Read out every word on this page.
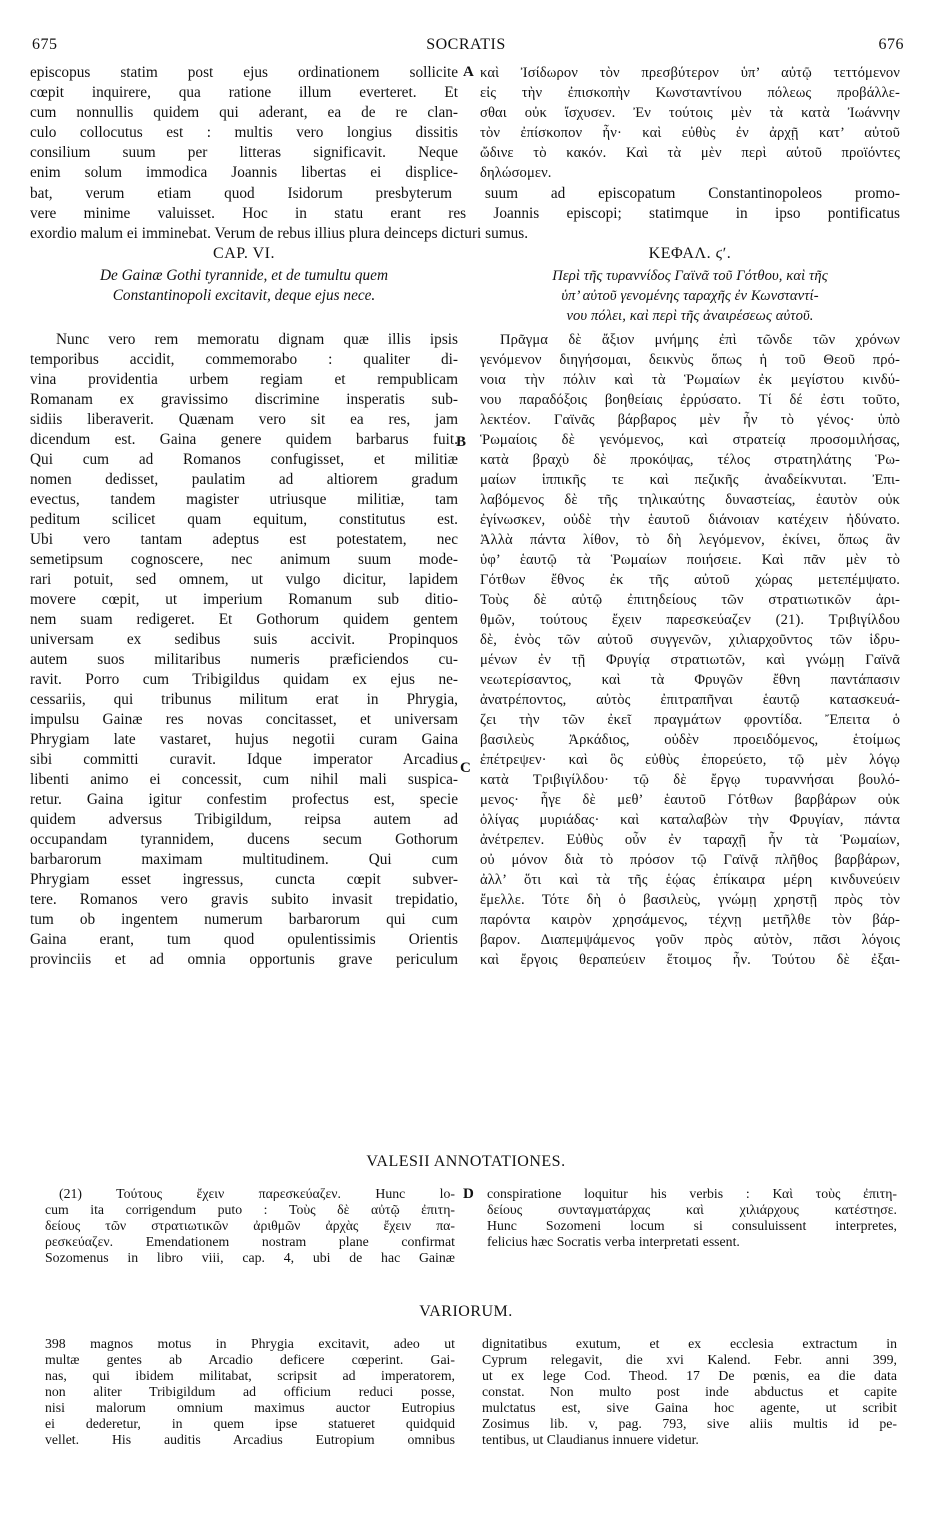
675	SOCRATIS	676
episcopus statim post ejus ordinationem sollicite
cœpit inquirere, qua ratione illum everteret. Et
cum nonnullis quidem qui aderant, ea de re clan-
culo collocutus est : multis vero longius dissitis
consilium suum per litteras significavit. Neque
enim solum immodica Joannis libertas ei displice-
A καὶ Ἰσίδωρον τὸν πρεσβύτερον ὑπ’ αὐτῷ τεττόμενον
εἰς τὴν ἐπισκοπὴν Κωνσταντίνου πόλεως προβάλλε-
σθαι οὐκ ἴσχυσεν. Ἐν τούτοις μὲν τὰ κατὰ Ἰωάννην
τὸν ἐπίσκοπον ἦν· καὶ εὐθὺς ἐν ἀρχῇ κατ’ αὐτοῦ
ὤδινε τὸ κακόν. Καὶ τὰ μὲν περὶ αὐτοῦ προϊόντες
δηλώσομεν.
bat, verum etiam quod Isidorum presbyterum suum ad episcopatum Constantinopoleos promo-
vere minime valuisset. Hoc in statu erant res Joannis episcopi; statimque in ipso pontificatus
exordio malum ei imminebat. Verum de rebus illius plura deinceps dicturi sumus.
CAP. VI.	ΚΕΦΑΛ. ϛʹ.
De Gainæ Gothi tyrannide, et de tumultu quem
Constantinopoli excitavit, deque ejus nece.
Περὶ τῆς τυραννίδος Γαϊνᾶ τοῦ Γότθου, καὶ τῆς
ὑπ’ αὐτοῦ γενομένης ταραχῆς ἐν Κωνσταντί-
νου πόλει, καὶ περὶ τῆς ἀναιρέσεως αὐτοῦ.
Nunc vero rem memoratu dignam quæ illis ipsis
temporibus accidit, commemorabo : qualiter di-
vina providentia urbem regiam et rempublicam
Romanam ex gravissimo discrimine insperatis sub-
sidiis liberaverit. Quænam vero sit ea res, jam
dicendum est. Gaina genere quidem barbarus fuit.
Qui cum ad Romanos confugisset, et militiæ
nomen dedisset, paulatim ad altiorem gradum
evectus, tandem magister utriusque militiæ, tam
peditum scilicet quam equitum, constitutus est.
Ubi vero tantam adeptus est potestatem, nec
semetipsum cognoscere, nec animum suum mode-
rari potuit, sed omnem, ut vulgo dicitur, lapidem
movere cœpit, ut imperium Romanum sub ditio-
nem suam redigeret. Et Gothorum quidem gentem
universam ex sedibus suis accivit. Propinquos
autem suos militaribus numeris præficiendos cu-
ravit. Porro cum Tribigildus quidam ex ejus ne-
cessariis, qui tribunus militum erat in Phrygia,
impulsu Gainæ res novas concitasset, et universam
Phrygiam late vastaret, hujus negotii curam Gaina
sibi committi curavit. Idque imperator Arcadius
libenti animo ei concessit, cum nihil mali suspica-
retur. Gaina igitur confestim profectus est, specie
quidem adversus Tribigildum, reipsa autem ad
occupandam tyrannidem, ducens secum Gothorum
barbarorum maximam multitudinem. Qui cum
Phrygiam esset ingressus, cuncta cœpit subver-
tere. Romanos vero gravis subito invasit trepidatio,
tum ob ingentem numerum barbarorum qui cum
Gaina erant, tum quod opulentissimis Orientis
provinciis et ad omnia opportunis grave periculum
B
C
Πρᾶγμα δὲ ἄξιον μνήμης ἐπὶ τῶνδε τῶν χρόνων
γενόμενον διηγήσομαι, δεικνὺς ὅπως ἡ τοῦ Θεοῦ πρό-
νοια τὴν πόλιν καὶ τὰ Ῥωμαίων ἐκ μεγίστου κινδύ-
νου παραδόξοις βοηθείαις ἐρρύσατο. Τί δέ ἐστι τοῦτο,
λεκτέον. Γαϊνᾶς βάρβαρος μὲν ἦν τὸ γένος· ὑπὸ
Ῥωμαίοις δὲ γενόμενος, καὶ στρατείᾳ προσομιλήσας,
κατὰ βραχὺ δὲ προκόψας, τέλος στρατηλάτης Ῥω-
μαίων ἱππικῆς τε καὶ πεζικῆς ἀναδείκνυται. Ἐπι-
λαβόμενος δὲ τῆς τηλικαύτης δυναστείας, ἑαυτὸν οὐκ
ἐγίνωσκεν, οὐδὲ τὴν ἑαυτοῦ διάνοιαν κατέχειν ἠδύνατο.
Ἀλλὰ πάντα λίθον, τὸ δὴ λεγόμενον, ἐκίνει, ὅπως ἂν
ὑφ’ ἑαυτῷ τὰ Ῥωμαίων ποιήσειε. Καὶ πᾶν μὲν τὸ
Γότθων ἔθνος ἐκ τῆς αὐτοῦ χώρας μετεπέμψατο.
Τοὺς δὲ αὐτῷ ἐπιτηδείους τῶν στρατιωτικῶν ἀρι-
θμῶν, τούτους ἔχειν παρεσκεύαζεν (21). Τριβιγίλδου
δὲ, ἑνὸς τῶν αὐτοῦ συγγενῶν, χιλιαρχοῦντος τῶν ἱδρυ-
μένων ἐν τῇ Φρυγίᾳ στρατιωτῶν, καὶ γνώμῃ Γαϊνᾶ
νεωτερίσαντος, καὶ τὰ Φρυγῶν ἔθνη παντάπασιν
ἀνατρέποντος, αὐτὸς ἐπιτραπῆναι ἑαυτῷ κατασκευά-
ζει τὴν τῶν ἐκεῖ πραγμάτων φροντίδα. Ἔπειτα ὁ
βασιλεὺς Ἀρκάδιος, οὐδὲν προειδόμενος, ἑτοίμως
ἐπέτρεψεν· καὶ ὃς εὐθὺς ἐπορεύετο, τῷ μὲν λόγῳ
κατὰ Τριβιγίλδου· τῷ δὲ ἔργῳ τυραννήσαι βουλό-
μενος· ἦγε δὲ μεθ’ ἑαυτοῦ Γότθων βαρβάρων οὐκ
ὀλίγας μυριάδας· καὶ καταλαβὼν τὴν Φρυγίαν, πάντα
ἀνέτρεπεν. Εὐθὺς οὖν ἐν ταραχῇ ἦν τὰ Ῥωμαίων,
οὐ μόνον διὰ τὸ πρόσον τῷ Γαϊνᾷ πλῆθος βαρβάρων,
ἀλλ’ ὅτι καὶ τὰ τῆς ἑῴας ἐπίκαιρα μέρη κινδυνεύειν
ἔμελλε. Τότε δὴ ὁ βασιλεὺς, γνώμῃ χρηστῇ πρὸς τὸν
παρόντα καιρὸν χρησάμενος, τέχνῃ μετῆλθε τὸν βάρ-
βαρον. Διαπεμψάμενος γοῦν πρὸς αὐτὸν, πᾶσι λόγοις
καὶ ἔργοις θεραπεύειν ἕτοιμος ἦν. Τούτου δὲ ἐξαι-
VALESII ANNOTATIONES.
(21) Τούτους ἔχειν παρεσκεύαζεν. Hunc lo-
cum ita corrigendum puto : Τοὺς δὲ αὐτῷ ἐπιτη-
δείους τῶν στρατιωτικῶν ἀριθμῶν ἀρχὰς ἔχειν πα-
ρεσκεύαζεν. Emendationem nostram plane confirmat
Sozomenus in libro viii, cap. 4, ubi de hac Gainæ
D conspiratione loquitur his verbis : Καὶ τοὺς ἐπιτη-
δείους συνταγματάρχας καὶ χιλιάρχους κατέστησε.
Hunc Sozomeni locum si consuluissent interpretes,
felicius hæc Socratis verba interpretati essent.
VARIORUM.
398 magnos motus in Phrygia excitavit, adeo ut
multæ gentes ab Arcadio deficere cœperint. Gai-
nas, qui ibidem militabat, scripsit ad imperatorem,
non aliter Tribigildum ad officium reduci posse,
nisi malorum omnium maximus auctor Eutropius
ei dederetur, in quem ipse statueret quidquid
vellet. His auditis Arcadius Eutropium omnibus
dignitatibus exutum, et ex ecclesia extractum in
Cyprum relegavit, die xvi Kalend. Febr. anni 399,
ut ex lege Cod. Theod. 17 De pœnis, ea die data
constat. Non multo post inde abductus et capite
mulctatus est, sive Gaina hoc agente, ut scribit
Zosimus lib. v, pag. 793, sive aliis multis id pe-
tentibus, ut Claudianus innuere videtur.
